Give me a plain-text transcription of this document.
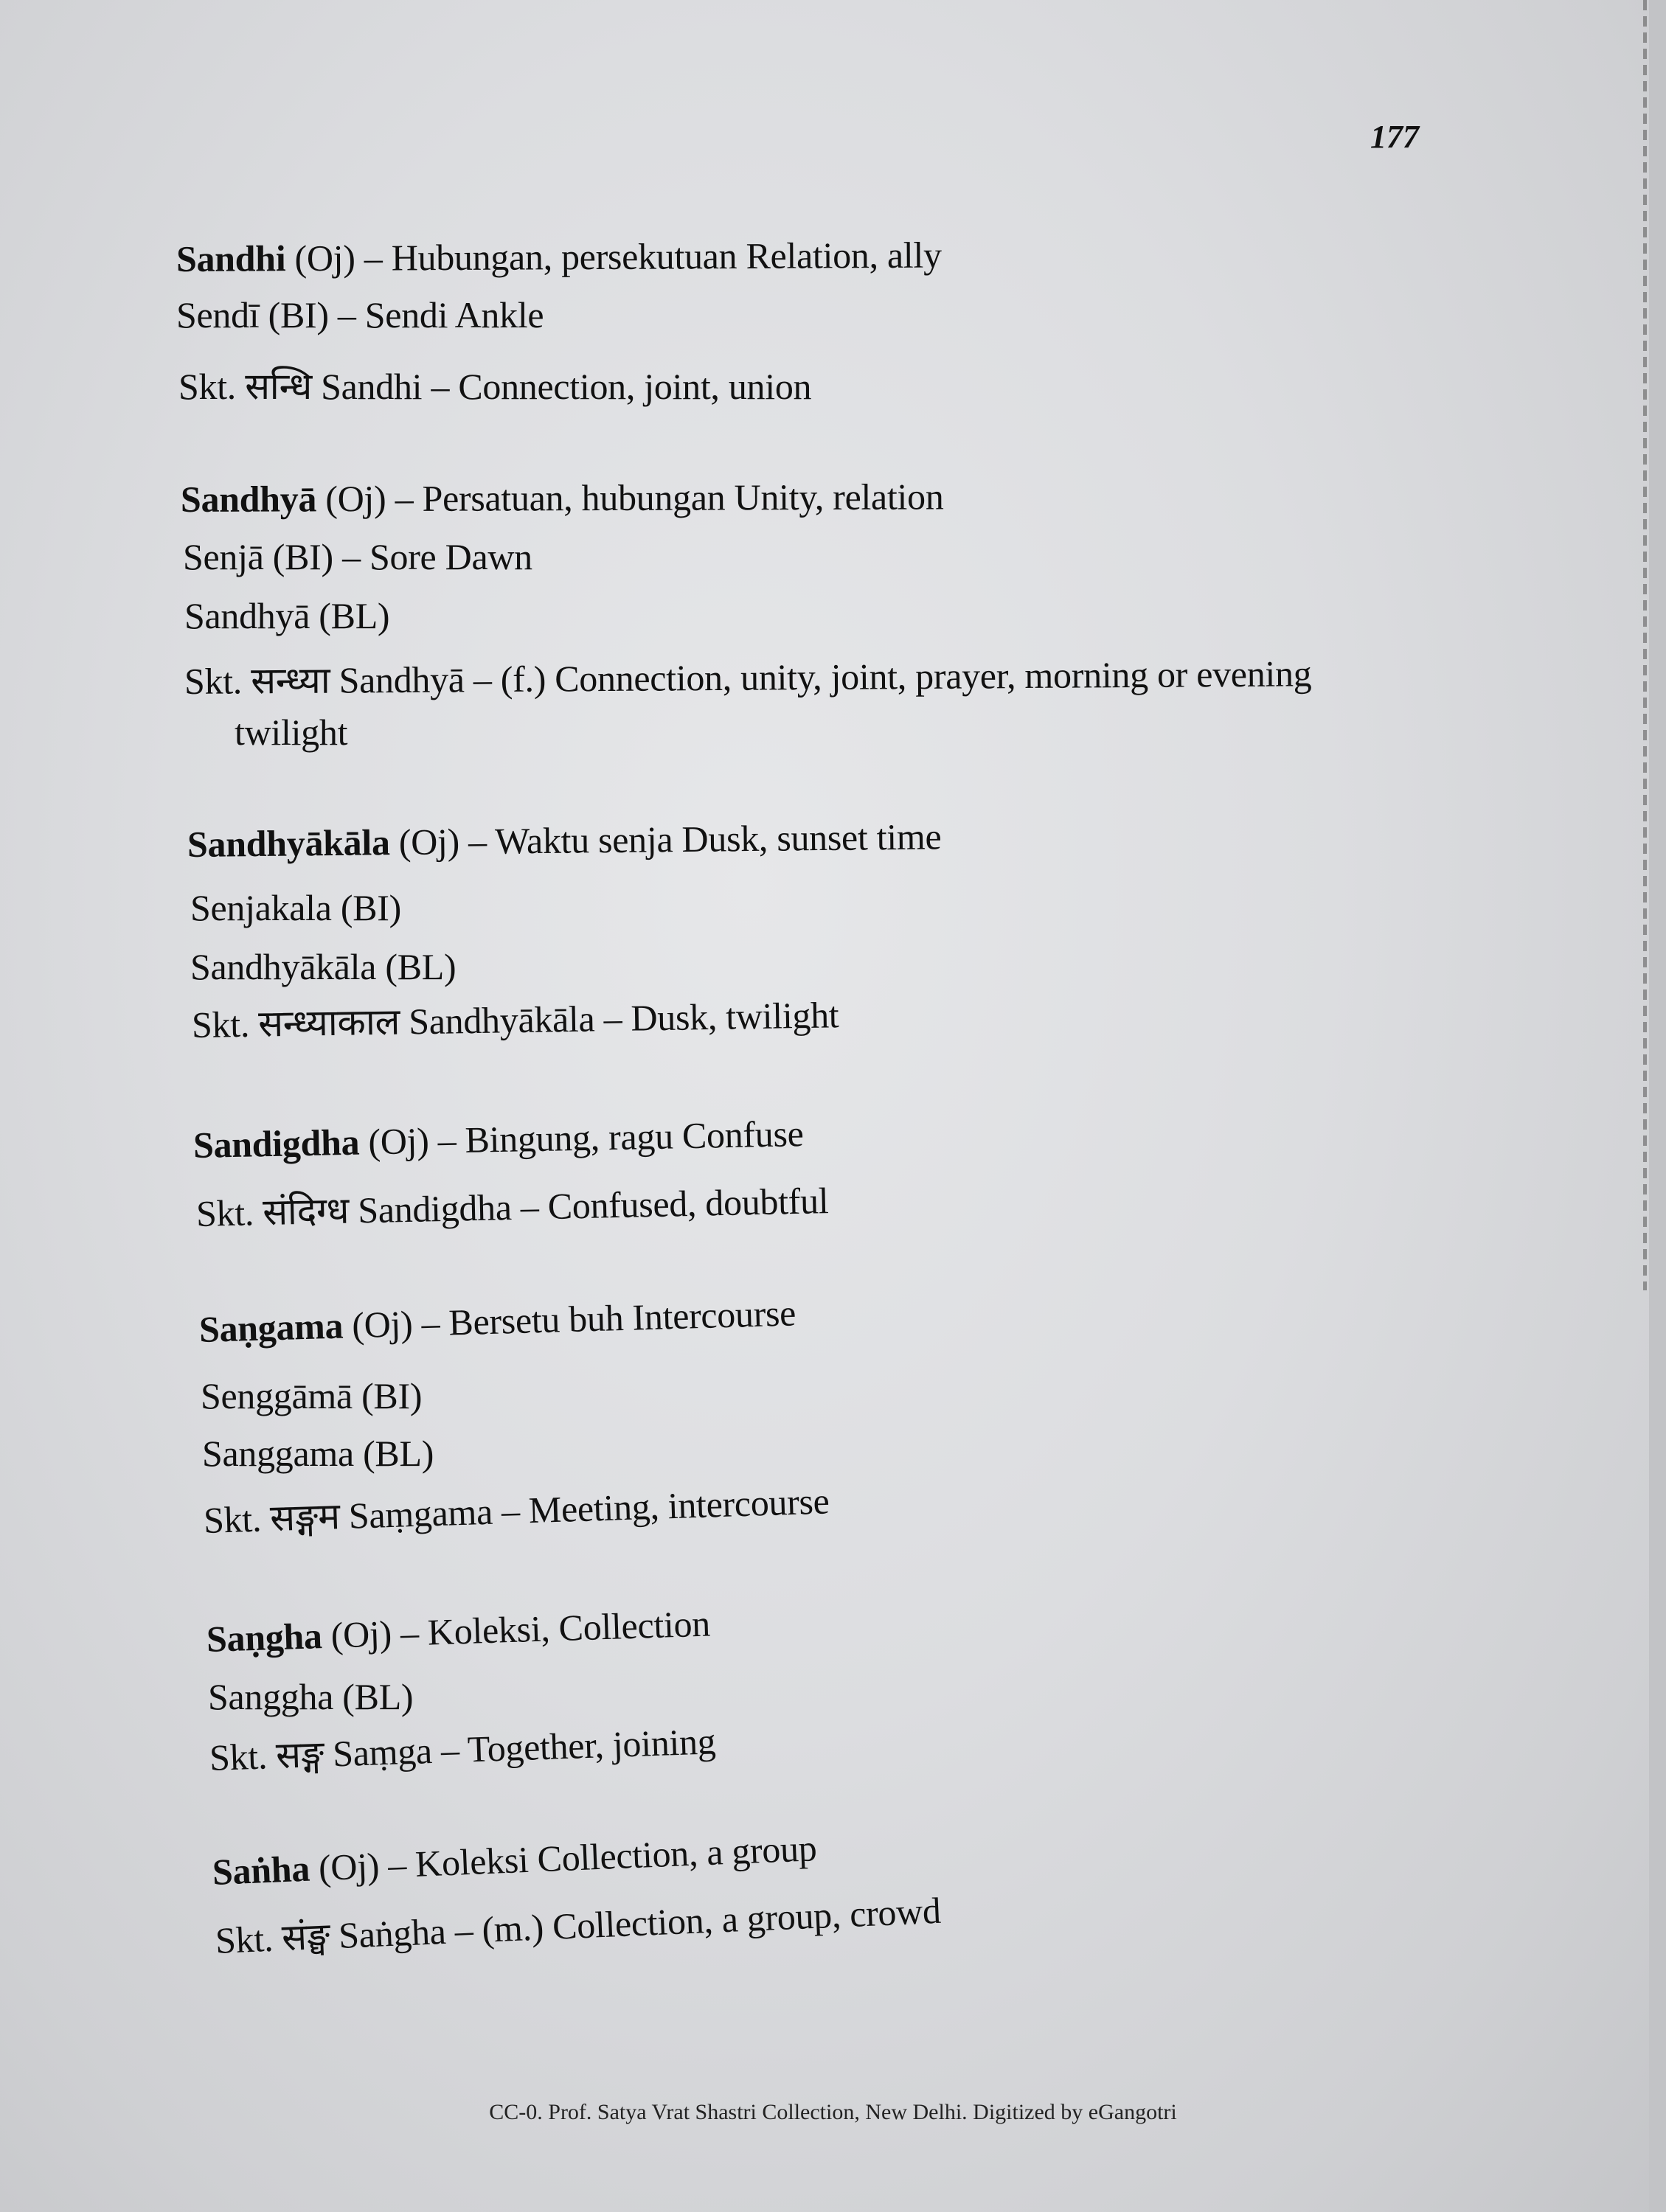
177
Sandhi (Oj) – Hubungan, persekutuan Relation, ally
Sendī (BI) – Sendi Ankle
Skt. सन्धि Sandhi – Connection, joint, union
Sandhyā (Oj) – Persatuan, hubungan Unity, relation
Senjā (BI) – Sore Dawn
Sandhyā (BL)
Skt. सन्ध्या Sandhyā – (f.) Connection, unity, joint, prayer, morning or evening
twilight
Sandhyākāla (Oj) – Waktu senja Dusk, sunset time
Senjakala (BI)
Sandhyākāla (BL)
Skt. सन्ध्याकाल Sandhyākāla – Dusk, twilight
Sandigdha (Oj) – Bingung, ragu Confuse
Skt. संदिग्ध Sandigdha – Confused, doubtful
Saṇgama (Oj) – Bersetu buh Intercourse
Senggāmā (BI)
Sanggama (BL)
Skt. सङ्गम Saṃgama – Meeting, intercourse
Saṇgha (Oj) – Koleksi, Collection
Sanggha (BL)
Skt. सङ्ग Saṃga – Together, joining
Saṅha (Oj) – Koleksi Collection, a group
Skt. संङ्घ Saṅgha – (m.) Collection, a group, crowd
CC-0. Prof. Satya Vrat Shastri Collection, New Delhi. Digitized by eGangotri
